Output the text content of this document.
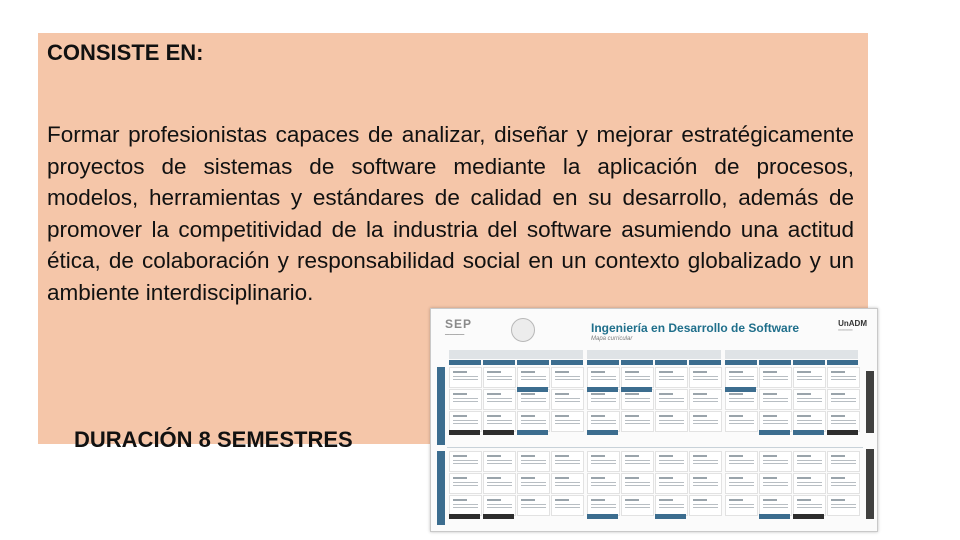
CONSISTE EN:
Formar profesionistas capaces de analizar, diseñar y mejorar estratégicamente proyectos de sistemas de software mediante la aplicación de procesos, modelos, herramientas y estándares de calidad en su desarrollo, además de promover la competitividad de la industria del software asumiendo una actitud ética, de colaboración y responsabilidad social en un contexto globalizado y un ambiente interdisciplinario.
DURACIÓN 8 SEMESTRES
SEP
━━━━━━━━	Ingeniería en Desarrollo de Software
Mapa curricular
UnADM
━━━━━━━━
